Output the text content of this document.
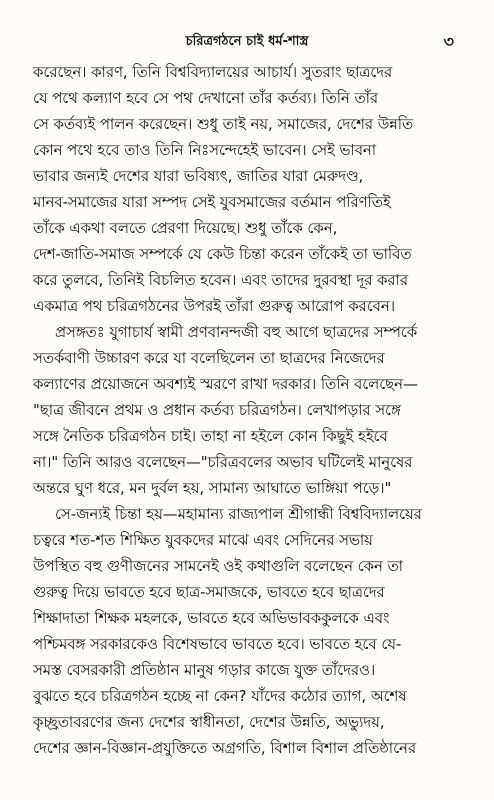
চরিত্রগঠনে চাই ধর্ম-শাস্ত্র	৩
করেছেন। কারণ, তিনি বিশ্ববিদ্যালয়ের আচার্য। সুতরাং ছাত্রদের
যে পথে কল্যাণ হবে সে পথ দেখানো তাঁর কর্তব্য। তিনি তাঁর
সে কর্তব্যই পালন করেছেন। শুধু তাই নয়, সমাজের, দেশের উন্নতি
কোন পথে হবে তাও তিনি নিঃসন্দেহেই ভাবেন। সেই ভাবনা
ভাবার জন্যই দেশের যারা ভবিষ্যৎ, জাতির যারা মেরুদণ্ড,
মানব-সমাজের যারা সম্পদ সেই যুবসমাজের বর্তমান পরিণতিই
তাঁকে একথা বলতে প্রেরণা দিয়েছে। শুধু তাঁকে কেন,
দেশ-জাতি-সমাজ সম্পর্কে যে কেউ চিন্তা করেন তাঁকেই তা ভাবিত
করে তুলবে, তিনিই বিচলিত হবেন। এবং তাদের দুরবস্থা দূর করার
একমাত্র পথ চরিত্রগঠনের উপরই তাঁরা গুরুত্ব আরোপ করবেন।
প্রসঙ্গতঃ যুগাচার্য স্বামী প্রণবানন্দজী বহু আগে ছাত্রদের সম্পর্কে
সতর্কবাণী উচ্চারণ করে যা বলেছিলেন তা ছাত্রদের নিজেদের
কল্যাণের প্রয়োজনে অবশ্যই স্মরণে রাখা দরকার। তিনি বলেছেন—
"ছাত্র জীবনে প্রথম ও প্রধান কর্তব্য চরিত্রগঠন। লেখাপড়ার সঙ্গে
সঙ্গে নৈতিক চরিত্রগঠন চাই। তাহা না হইলে কোন কিছুই হইবে
না।" তিনি আরও বলেছেন—"চরিত্রবলের অভাব ঘটিলেই মানুষের
অন্তরে ঘুণ ধরে, মন দুর্বল হয়, সামান্য আঘাতে ভাঙ্গিয়া পড়ে।"
সে-জন্যই চিন্তা হয়—মহামান্য রাজ্যপাল শ্রীগান্ধী বিশ্ববিদ্যালয়ের
চত্বরে শত-শত শিক্ষিত যুবকদের মাঝে এবং সেদিনের সভায়
উপস্থিত বহু গুণীজনের সামনেই ওই কথাগুলি বলেছেন কেন তা
গুরুত্ব দিয়ে ভাবতে হবে ছাত্র-সমাজকে, ভাবতে হবে ছাত্রদের
শিক্ষাদাতা শিক্ষক মহলকে, ভাবতে হবে অভিভাবককুলকে এবং
পশ্চিমবঙ্গ সরকারকেও বিশেষভাবে ভাবতে হবে। ভাবতে হবে যে-
সমস্ত বেসরকারী প্রতিষ্ঠান মানুষ গড়ার কাজে যুক্ত তাঁদেরও।
বুঝতে হবে চরিত্রগঠন হচ্ছে না কেন? যাঁদের কঠোর ত্যাগ, অশেষ
কৃচ্ছ্রতাবরণের জন্য দেশের স্বাধীনতা, দেশের উন্নতি, অভ্যুদয়,
দেশের জ্ঞান-বিজ্ঞান-প্রযুক্তিতে অগ্রগতি, বিশাল বিশাল প্রতিষ্ঠানের
